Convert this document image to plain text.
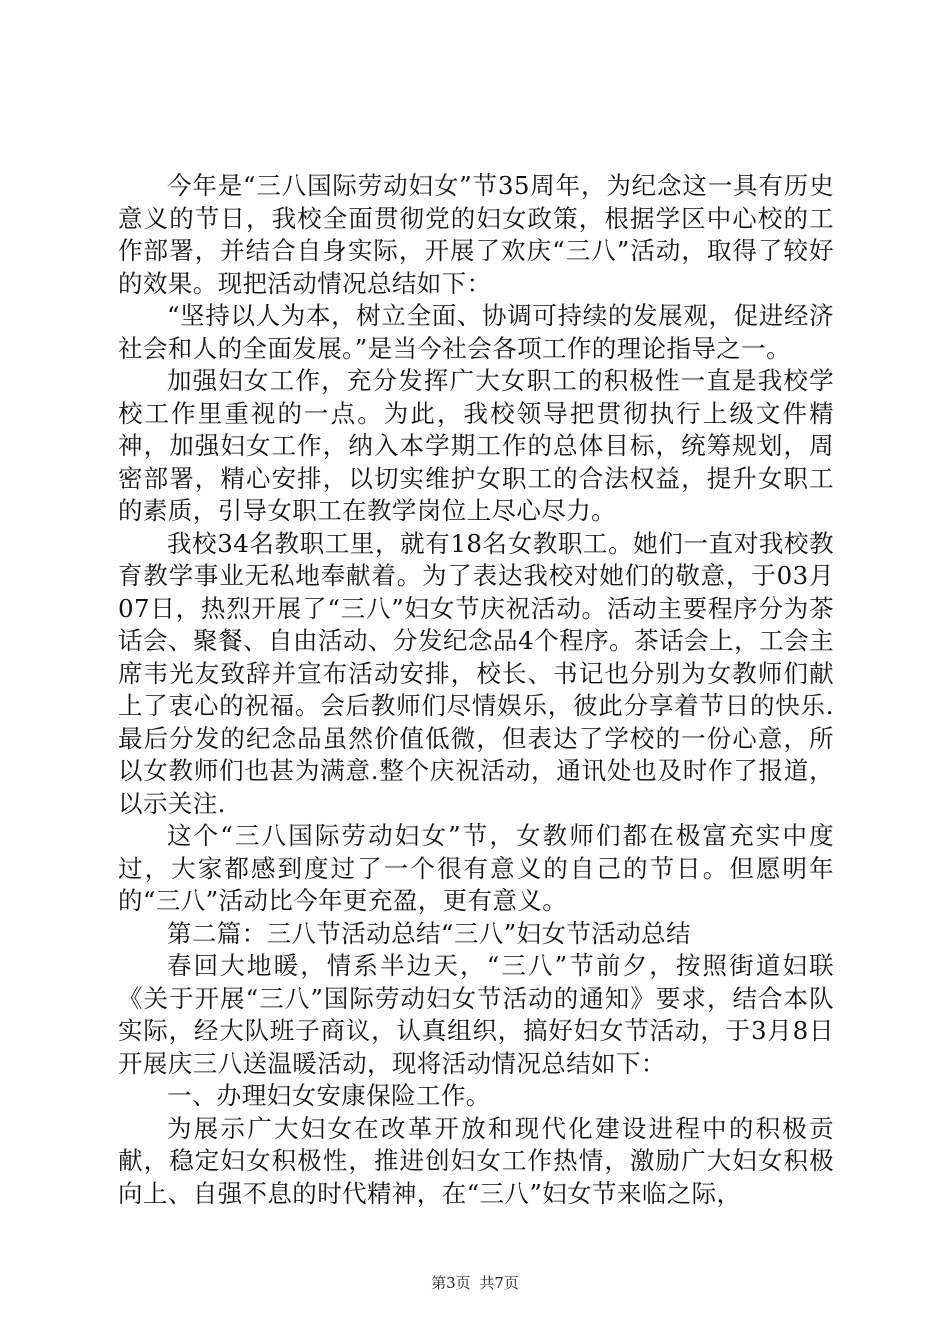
今年是“三八国际劳动妇女”节35周年，为纪念这一具有历史意义的节日，我校全面贯彻党的妇女政策，根据学区中心校的工作部署，并结合自身实际，开展了欢庆“三八”活动，取得了较好的效果。现把活动情况总结如下：

“坚持以人为本，树立全面、协调可持续的发展观，促进经济社会和人的全面发展。”是当今社会各项工作的理论指导之一。

加强妇女工作，充分发挥广大女职工的积极性一直是我校学校工作里重视的一点。为此，我校领导把贯彻执行上级文件精神，加强妇女工作，纳入本学期工作的总体目标，统筹规划，周密部署，精心安排，以切实维护女职工的合法权益，提升女职工的素质，引导女职工在教学岗位上尽心尽力。

我校34名教职工里，就有18名女教职工。她们一直对我校教育教学事业无私地奉献着。为了表达我校对她们的敬意，于03月07日，热烈开展了“三八”妇女节庆祝活动。活动主要程序分为茶话会、聚餐、自由活动、分发纪念品4个程序。茶话会上，工会主席韦光友致辞并宣布活动安排，校长、书记也分别为女教师们献上了衷心的祝福。会后教师们尽情娱乐，彼此分享着节日的快乐.最后分发的纪念品虽然价值低微，但表达了学校的一份心意，所以女教师们也甚为满意.整个庆祝活动，通讯处也及时作了报道，以示关注.

这个“三八国际劳动妇女”节，女教师们都在极富充实中度过，大家都感到度过了一个很有意义的自己的节日。但愿明年的“三八”活动比今年更充盈，更有意义。

第二篇：三八节活动总结“三八”妇女节活动总结

春回大地暖，情系半边天，“三八”节前夕，按照街道妇联《关于开展“三八”国际劳动妇女节活动的通知》要求，结合本队实际，经大队班子商议，认真组织，搞好妇女节活动，于3月8日开展庆三八送温暖活动，现将活动情况总结如下：

一、办理妇女安康保险工作。

为展示广大妇女在改革开放和现代化建设进程中的积极贡献，稳定妇女积极性，推进创妇女工作热情，激励广大妇女积极向上、自强不息的时代精神，在“三八”妇女节来临之际，

第3页 共7页
